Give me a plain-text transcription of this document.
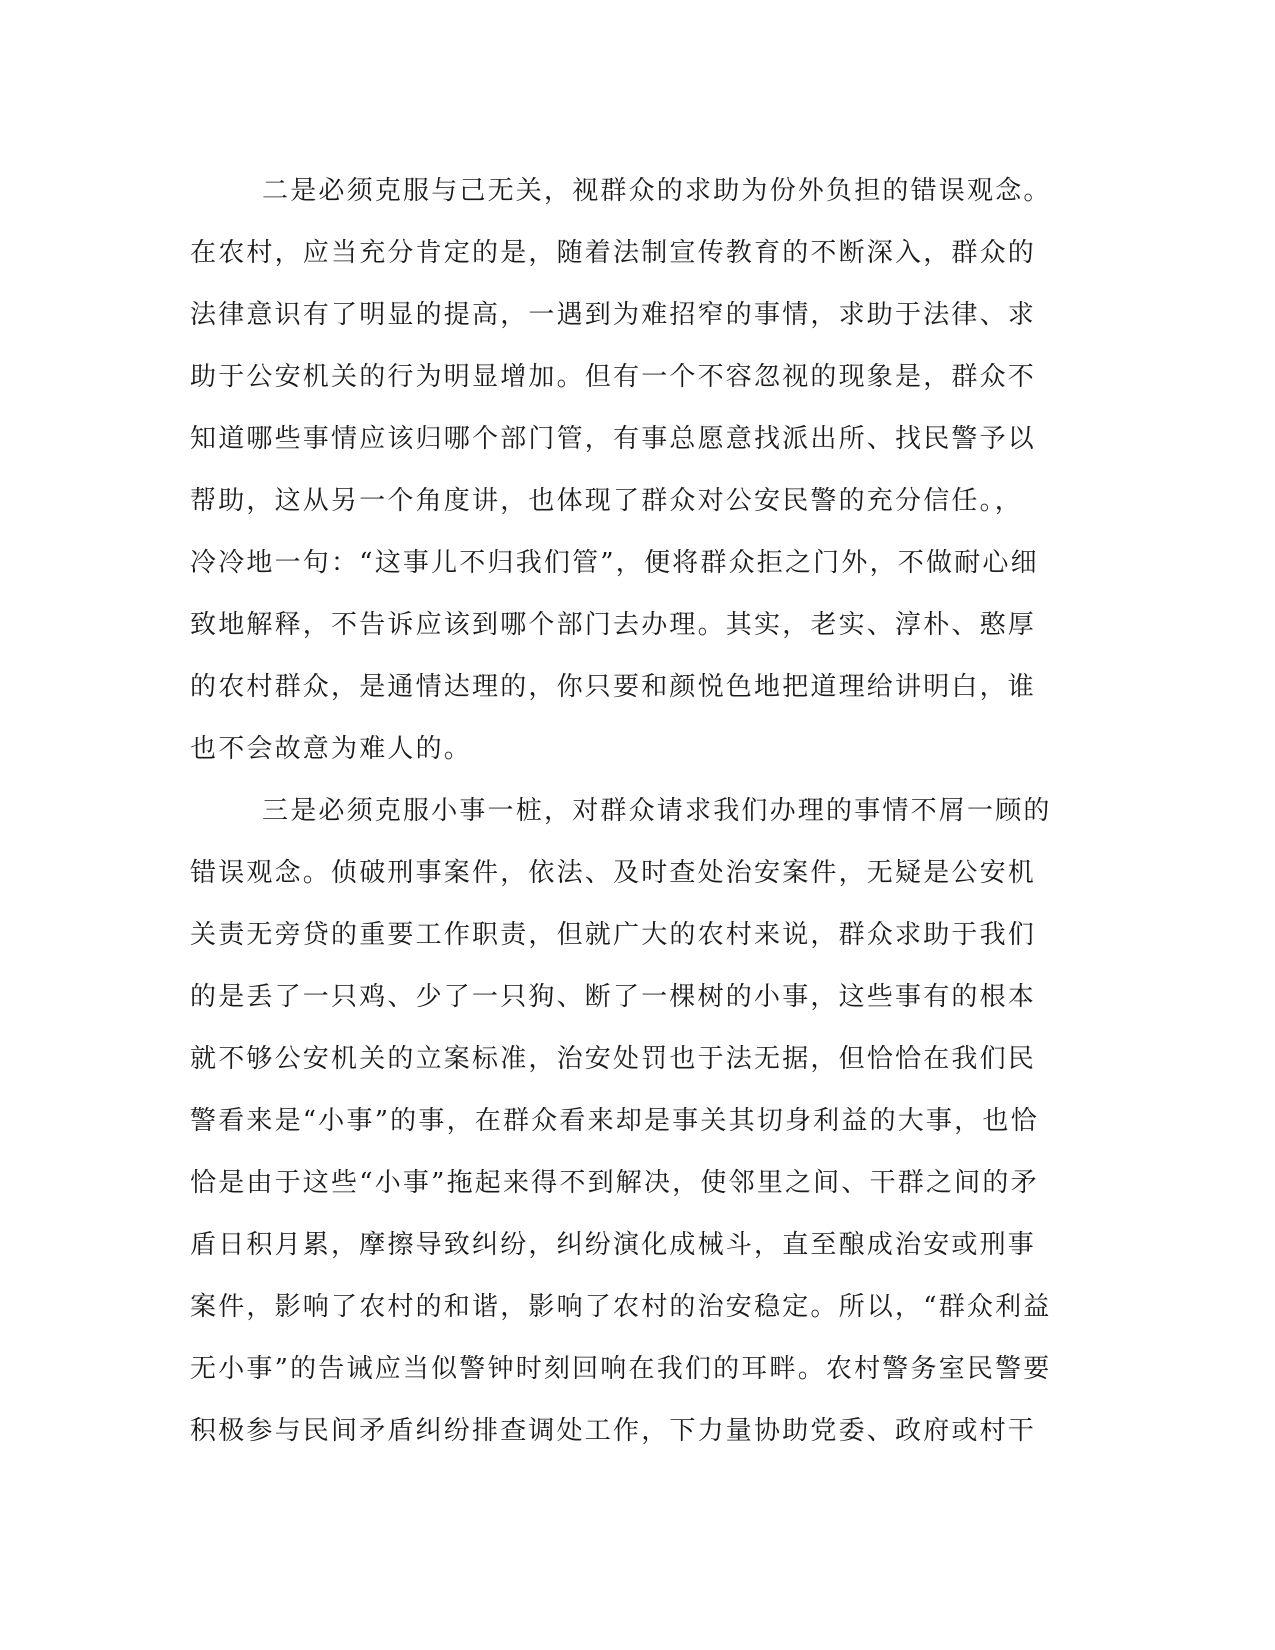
二是必须克服与己无关，视群众的求助为份外负担的错误观念。
在农村，应当充分肯定的是，随着法制宣传教育的不断深入，群众的
法律意识有了明显的提高，一遇到为难招窄的事情，求助于法律、求
助于公安机关的行为明显增加。但有一个不容忽视的现象是，群众不
知道哪些事情应该归哪个部门管，有事总愿意找派出所、找民警予以
帮助，这从另一个角度讲，也体现了群众对公安民警的充分信任。，
冷冷地一句：“这事儿不归我们管”，便将群众拒之门外，不做耐心细
致地解释，不告诉应该到哪个部门去办理。其实，老实、淳朴、憨厚
的农村群众，是通情达理的，你只要和颜悦色地把道理给讲明白，谁
也不会故意为难人的。
三是必须克服小事一桩，对群众请求我们办理的事情不屑一顾的
错误观念。侦破刑事案件，依法、及时查处治安案件，无疑是公安机
关责无旁贷的重要工作职责，但就广大的农村来说，群众求助于我们
的是丢了一只鸡、少了一只狗、断了一棵树的小事，这些事有的根本
就不够公安机关的立案标准，治安处罚也于法无据，但恰恰在我们民
警看来是“小事”的事，在群众看来却是事关其切身利益的大事，也恰
恰是由于这些“小事”拖起来得不到解决，使邻里之间、干群之间的矛
盾日积月累，摩擦导致纠纷，纠纷演化成械斗，直至酿成治安或刑事
案件，影响了农村的和谐，影响了农村的治安稳定。所以，“群众利益
无小事”的告诫应当似警钟时刻回响在我们的耳畔。农村警务室民警要
积极参与民间矛盾纠纷排查调处工作，下力量协助党委、政府或村干
